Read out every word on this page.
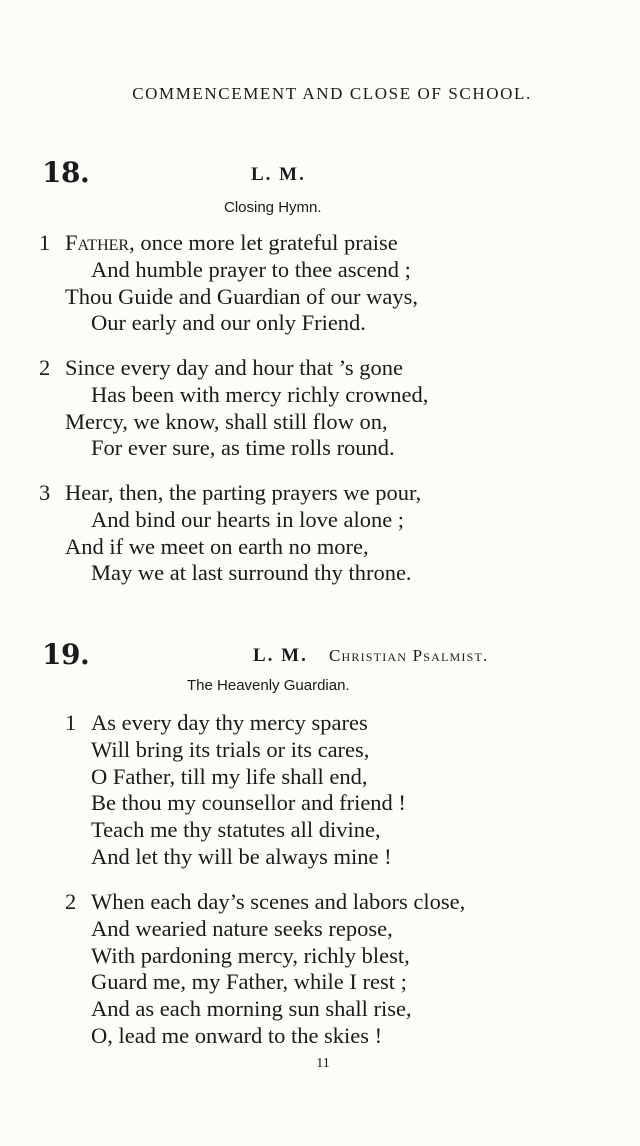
COMMENCEMENT AND CLOSE OF SCHOOL.
18.	L. M.
Closing Hymn.
1 Father, once more let grateful praise
And humble prayer to thee ascend ;
Thou Guide and Guardian of our ways,
Our early and our only Friend.
2 Since every day and hour that ’s gone
Has been with mercy richly crowned,
Mercy, we know, shall still flow on,
For ever sure, as time rolls round.
3 Hear, then, the parting prayers we pour,
And bind our hearts in love alone ;
And if we meet on earth no more,
May we at last surround thy throne.
19.	L. M. Christian Psalmist.
The Heavenly Guardian.
1 As every day thy mercy spares
Will bring its trials or its cares,
O Father, till my life shall end,
Be thou my counsellor and friend !
Teach me thy statutes all divine,
And let thy will be always mine !
2 When each day’s scenes and labors close,
And wearied nature seeks repose,
With pardoning mercy, richly blest,
Guard me, my Father, while I rest ;
And as each morning sun shall rise,
O, lead me onward to the skies !
11
